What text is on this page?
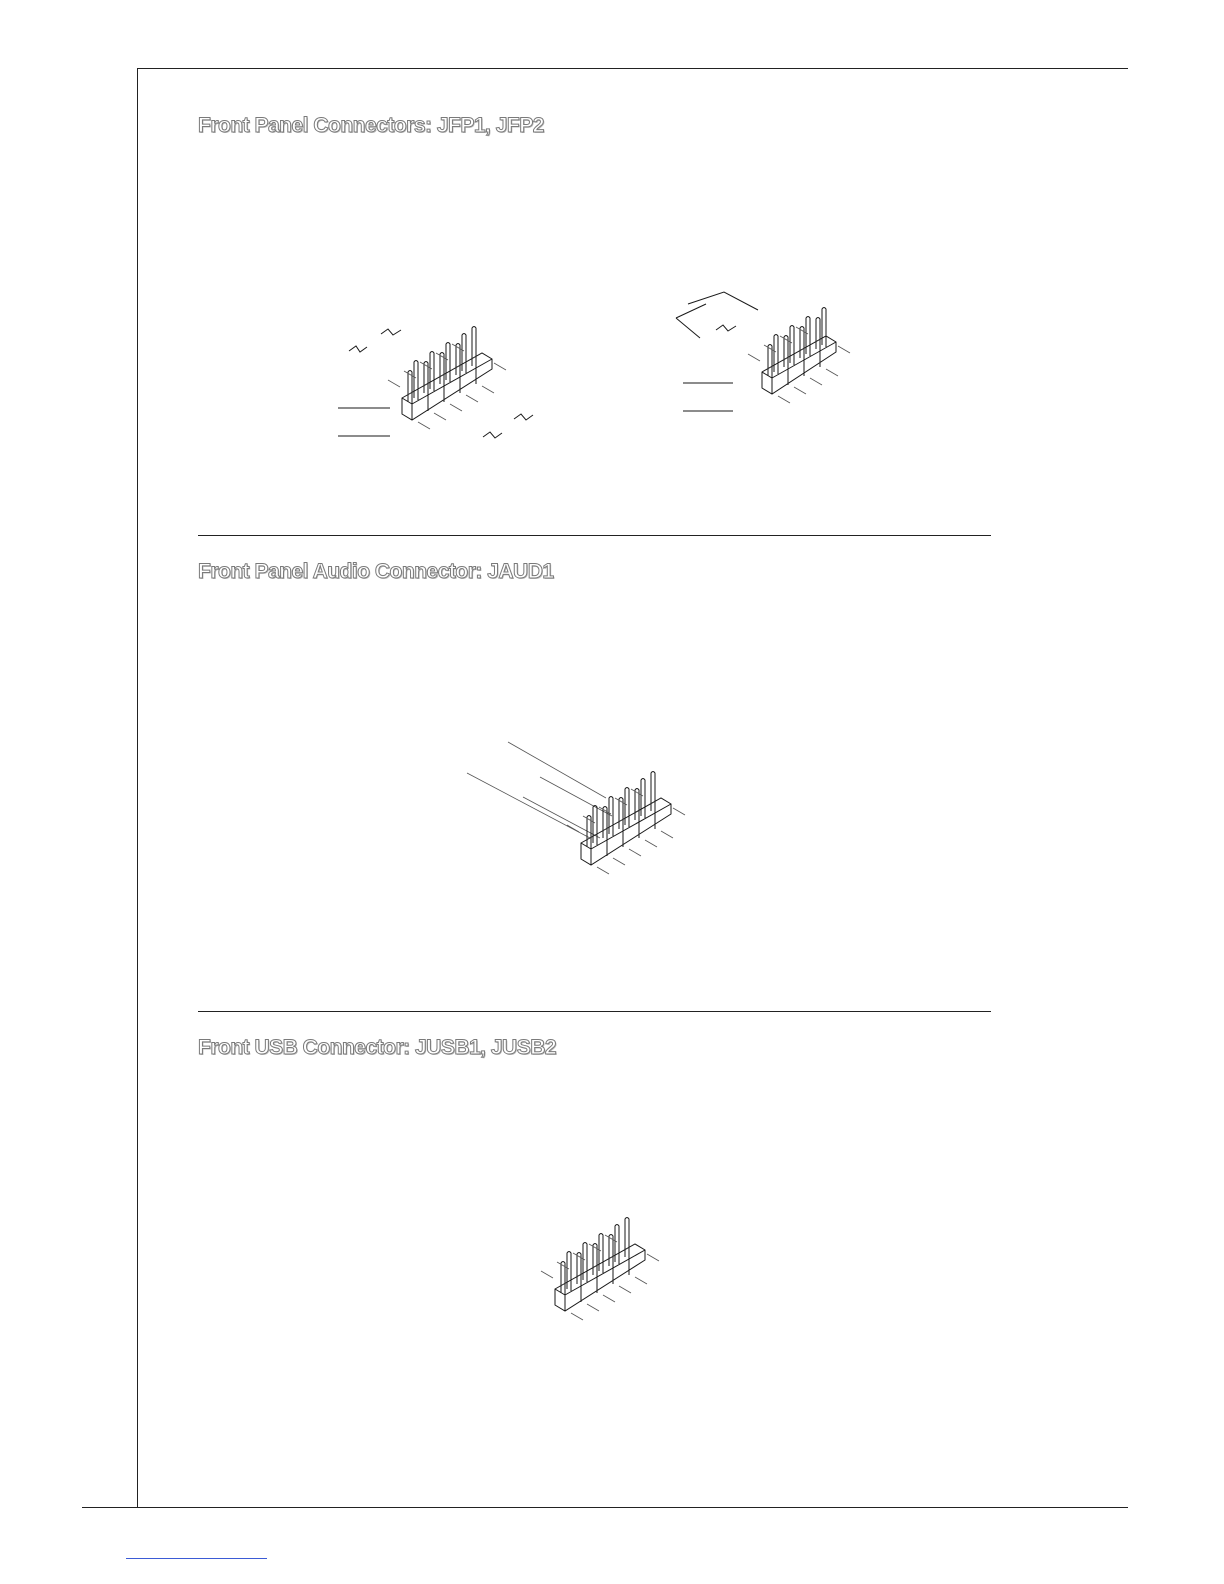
Front Panel Connectors: JFP1, JFP2
Front Panel Audio Connector: JAUD1
Front USB Connector: JUSB1, JUSB2
